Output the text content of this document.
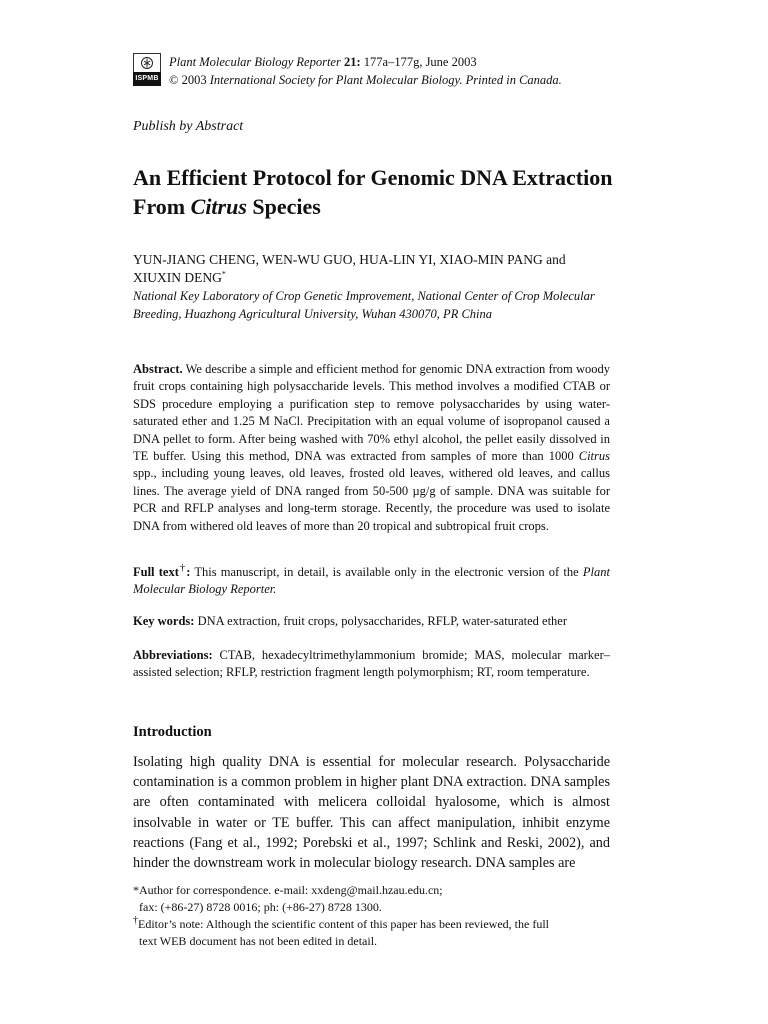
ISPMB
Plant Molecular Biology Reporter 21: 177a–177g, June 2003
© 2003 International Society for Plant Molecular Biology. Printed in Canada.
Publish by Abstract
An Efficient Protocol for Genomic DNA Extraction From Citrus Species
YUN-JIANG CHENG, WEN-WU GUO, HUA-LIN YI, XIAO-MIN PANG and XIUXIN DENG*
National Key Laboratory of Crop Genetic Improvement, National Center of Crop Molecular Breeding, Huazhong Agricultural University, Wuhan 430070, PR China
Abstract. We describe a simple and efficient method for genomic DNA extraction from woody fruit crops containing high polysaccharide levels. This method involves a modified CTAB or SDS procedure employing a purification step to remove polysaccharides by using water-saturated ether and 1.25 M NaCl. Precipitation with an equal volume of isopropanol caused a DNA pellet to form. After being washed with 70% ethyl alcohol, the pellet easily dissolved in TE buffer. Using this method, DNA was extracted from samples of more than 1000 Citrus spp., including young leaves, old leaves, frosted old leaves, withered old leaves, and callus lines. The average yield of DNA ranged from 50-500 µg/g of sample. DNA was suitable for PCR and RFLP analyses and long-term storage. Recently, the procedure was used to isolate DNA from withered old leaves of more than 20 tropical and subtropical fruit crops.
Full text†: This manuscript, in detail, is available only in the electronic version of the Plant Molecular Biology Reporter.
Key words: DNA extraction, fruit crops, polysaccharides, RFLP, water-saturated ether
Abbreviations: CTAB, hexadecyltrimethylammonium bromide; MAS, molecular marker–assisted selection; RFLP, restriction fragment length polymorphism; RT, room temperature.
Introduction
Isolating high quality DNA is essential for molecular research. Polysaccharide contamination is a common problem in higher plant DNA extraction. DNA samples are often contaminated with melicera colloidal hyalosome, which is almost insolvable in water or TE buffer. This can affect manipulation, inhibit enzyme reactions (Fang et al., 1992; Porebski et al., 1997; Schlink and Reski, 2002), and hinder the downstream work in molecular biology research. DNA samples are

*Author for correspondence. e-mail: xxdeng@mail.hzau.edu.cn;

fax: (+86-27) 8728 0016; ph: (+86-27) 8728 1300.

†Editor’s note: Although the scientific content of this paper has been reviewed, the full

text WEB document has not been edited in detail.
